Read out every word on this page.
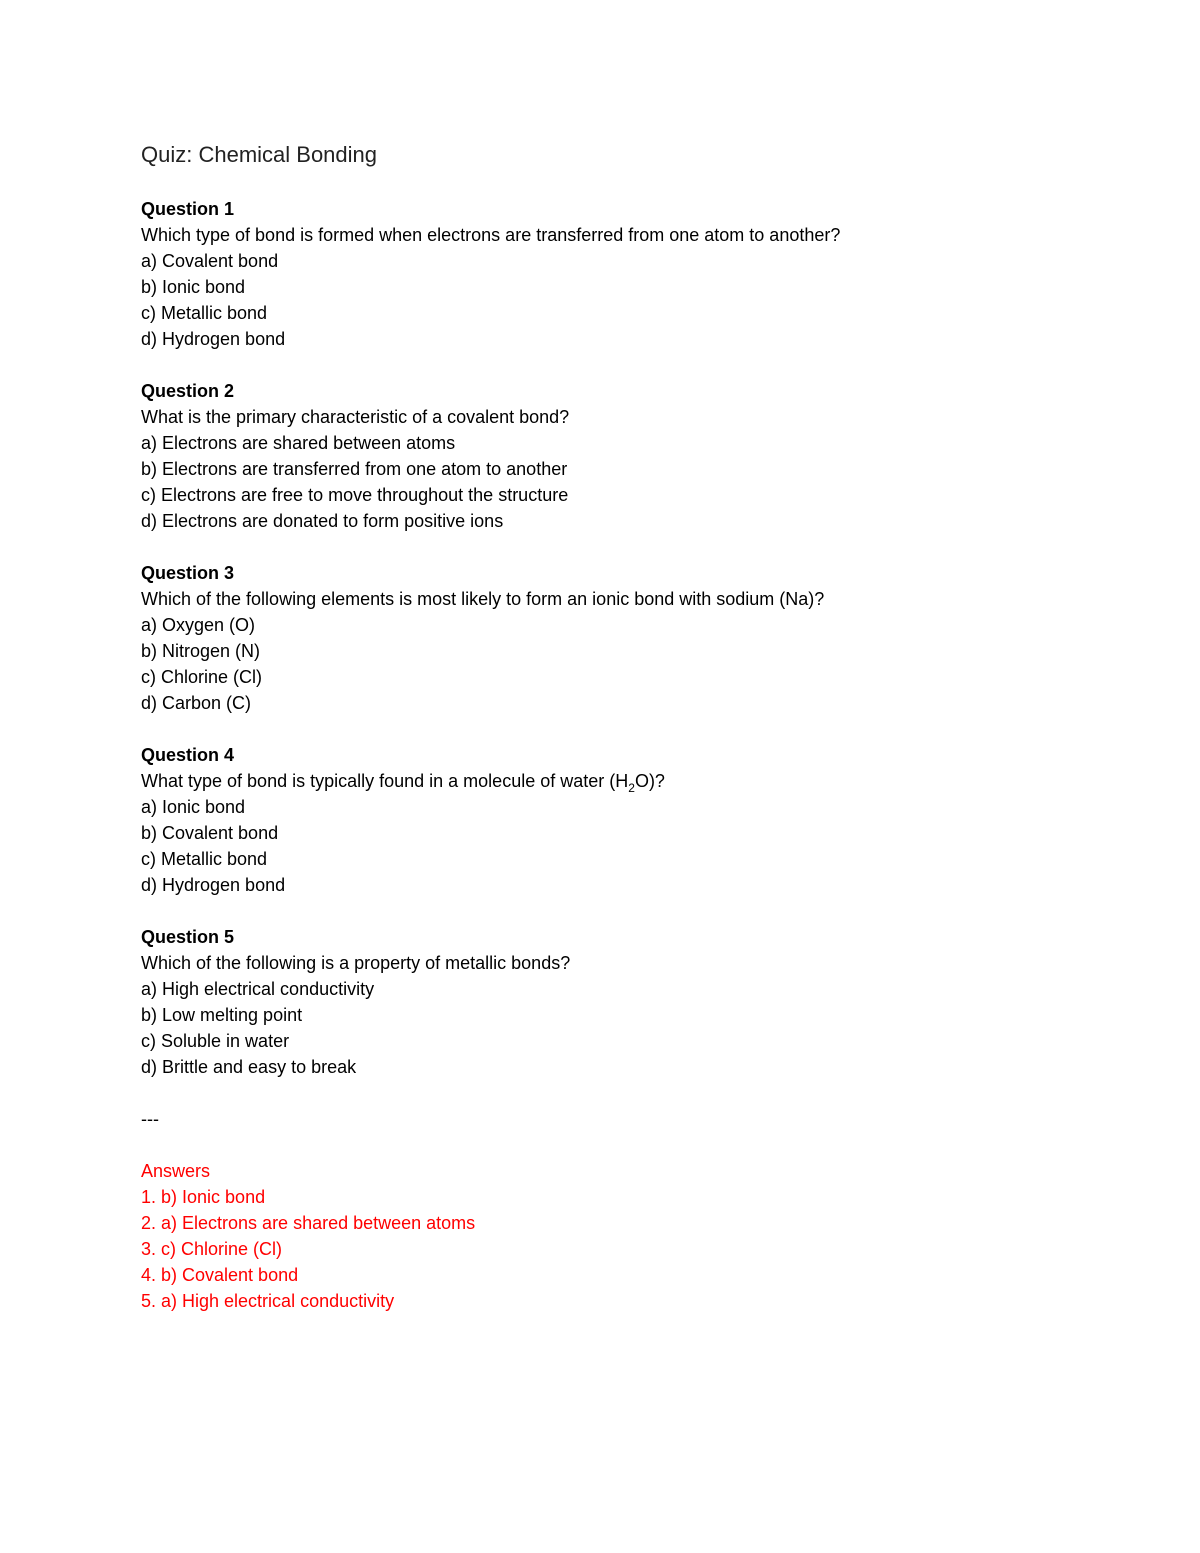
Quiz: Chemical Bonding
Question 1
Which type of bond is formed when electrons are transferred from one atom to another?
a) Covalent bond
b) Ionic bond
c) Metallic bond
d) Hydrogen bond
Question 2
What is the primary characteristic of a covalent bond?
a) Electrons are shared between atoms
b) Electrons are transferred from one atom to another
c) Electrons are free to move throughout the structure
d) Electrons are donated to form positive ions
Question 3
Which of the following elements is most likely to form an ionic bond with sodium (Na)?
a) Oxygen (O)
b) Nitrogen (N)
c) Chlorine (Cl)
d) Carbon (C)
Question 4
What type of bond is typically found in a molecule of water $(H_2O)$?
a) Ionic bond
b) Covalent bond
c) Metallic bond
d) Hydrogen bond
Question 5
Which of the following is a property of metallic bonds?
a) High electrical conductivity
b) Low melting point
c) Soluble in water
d) Brittle and easy to break
---
Answers
1. b) Ionic bond
2. a) Electrons are shared between atoms
3. c) Chlorine (Cl)
4. b) Covalent bond
5. a) High electrical conductivity
